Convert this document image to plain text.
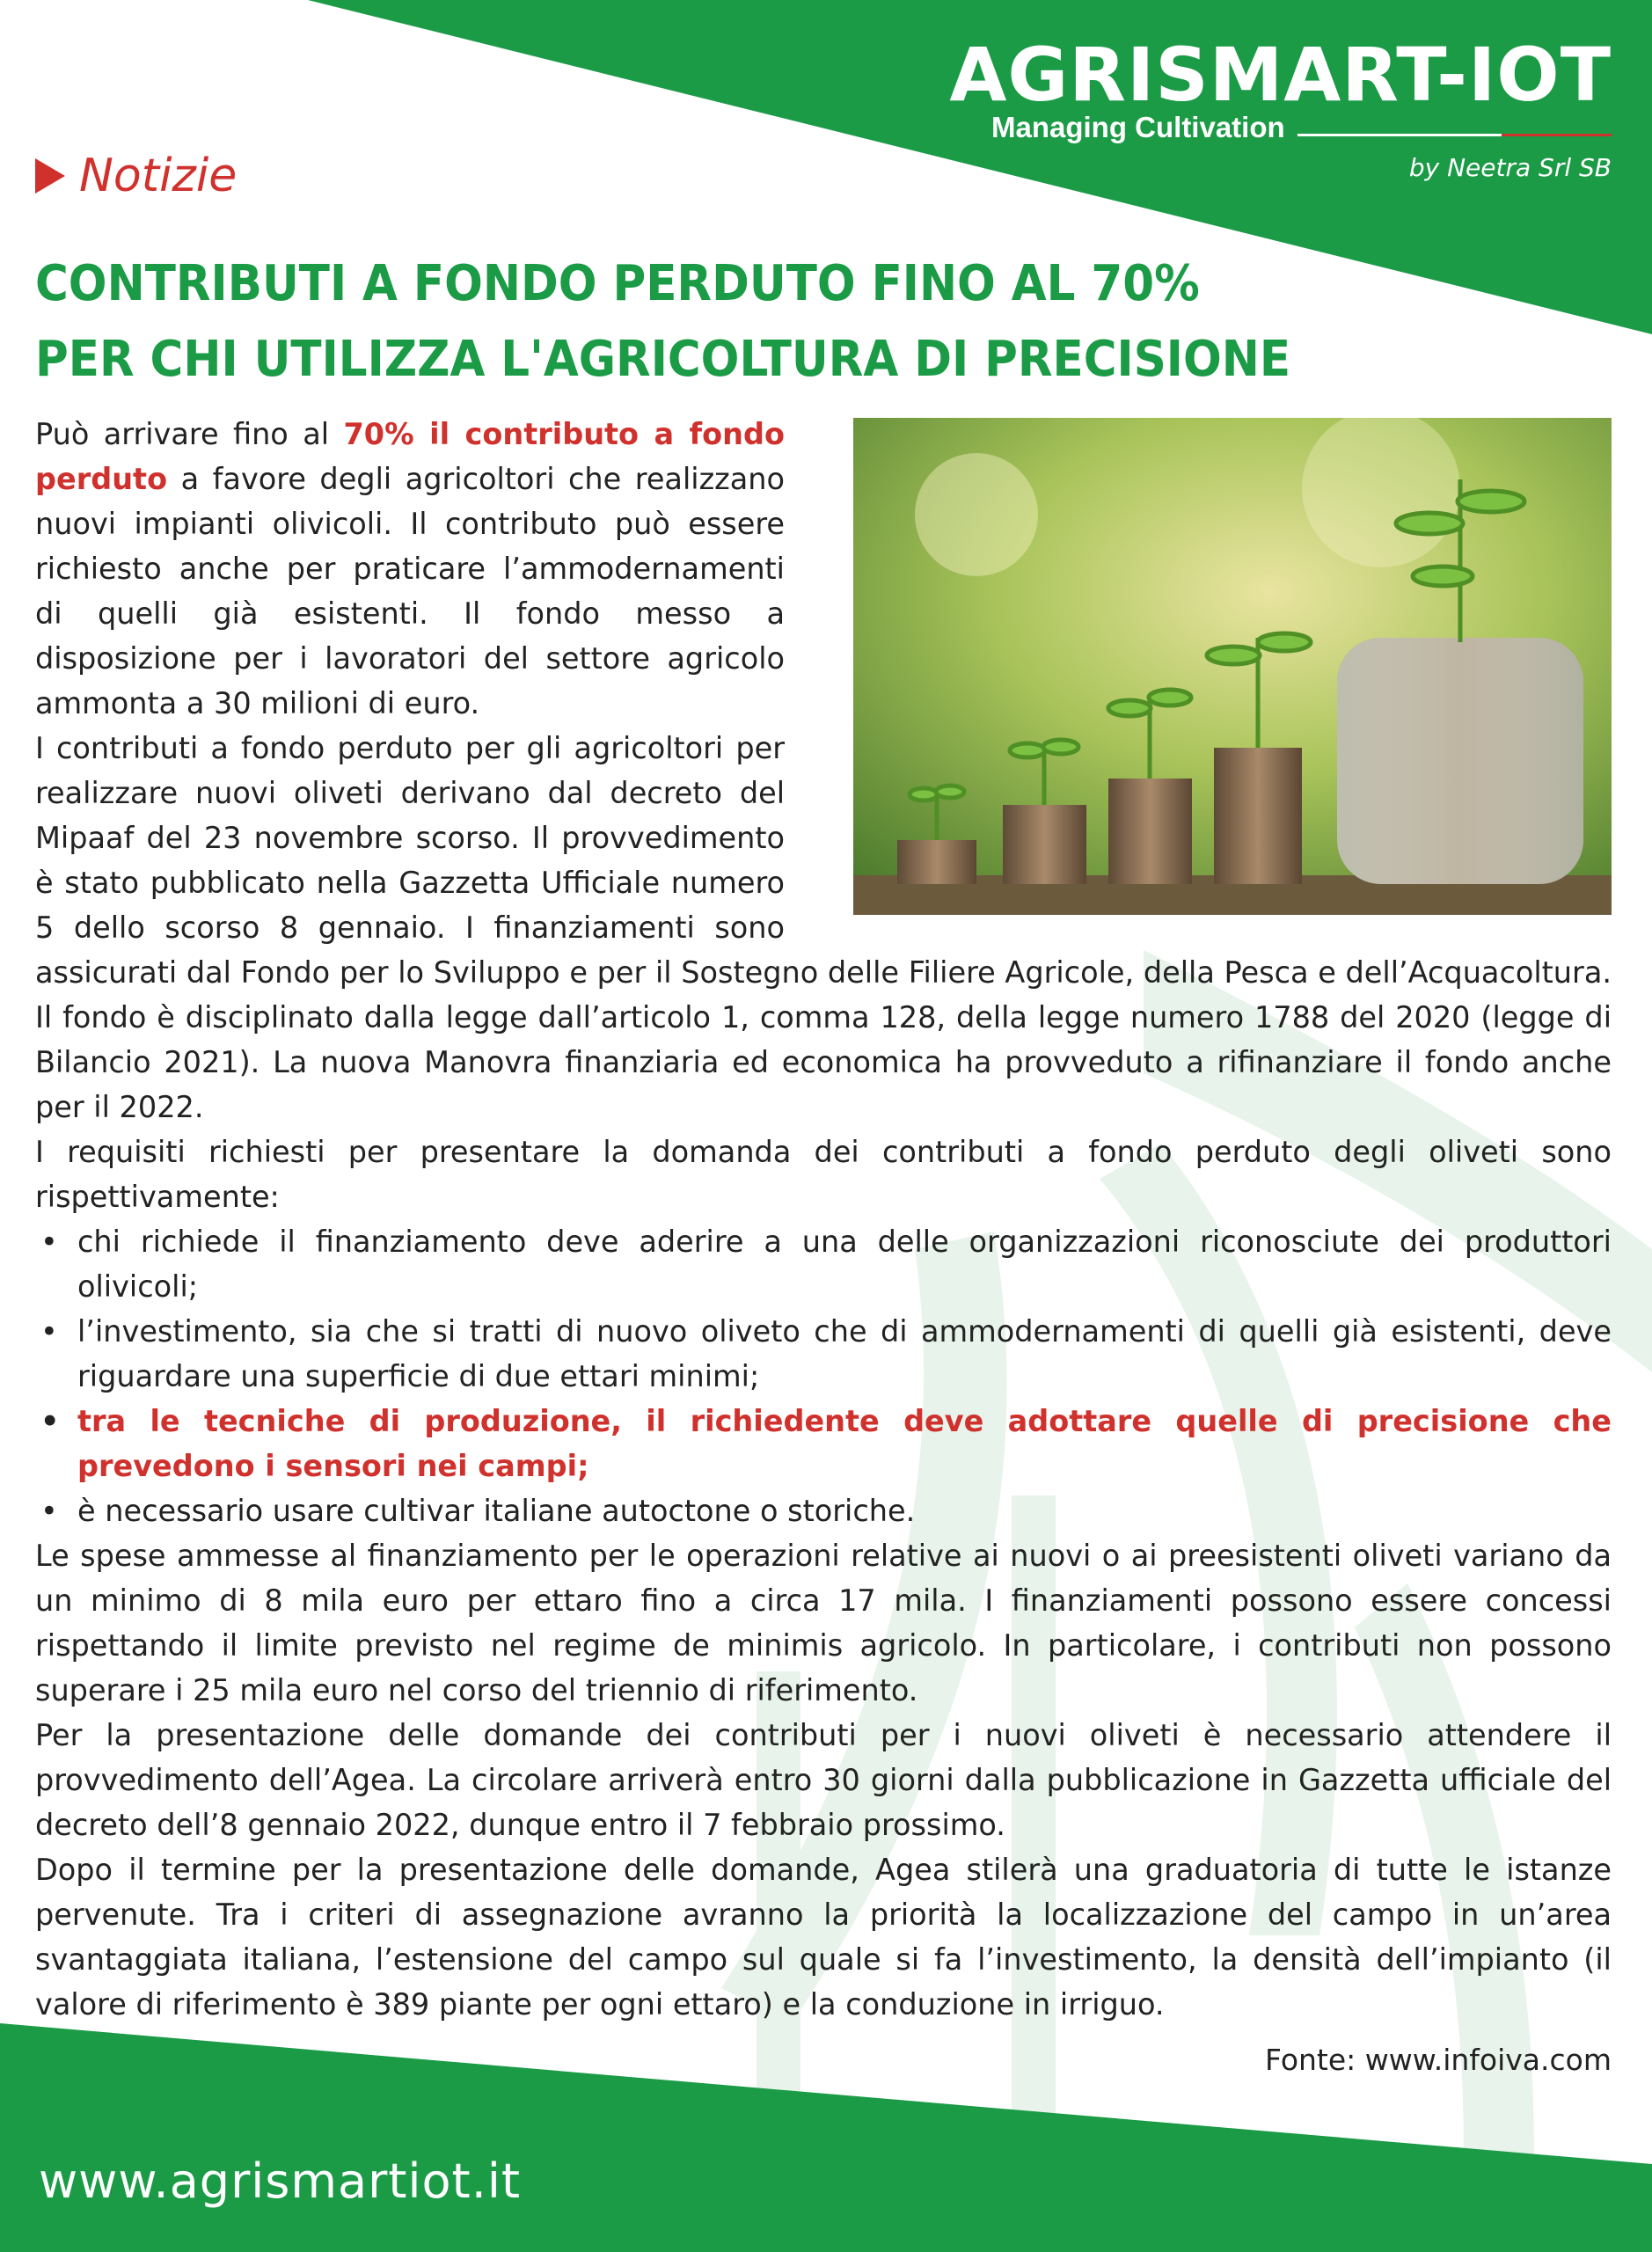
AGRISMART-IOT
Managing Cultivation
by Neetra Srl SB
Notizie
CONTRIBUTI A FONDO PERDUTO FINO AL 70%
PER CHI UTILIZZA L'AGRICOLTURA DI PRECISIONE

Può arrivare fino al 70% il contributo a fondo perduto a favore degli agricoltori che realizzano nuovi impianti olivicoli. Il contributo può essere richiesto anche per praticare l’ammodernamenti di quelli già esistenti. Il fondo messo a disposizione per i lavoratori del settore agricolo ammonta a 30 milioni di euro.

I contributi a fondo perduto per gli agricoltori per realizzare nuovi oliveti derivano dal decreto del Mipaaf del 23 novembre scorso. Il provvedimento è stato pubblicato nella Gazzetta Ufficiale numero 5 dello scorso 8 gennaio. I finanziamenti sono assicurati dal Fondo per lo Sviluppo e per il Sostegno delle Filiere Agricole, della Pesca e dell’Acquacoltura. Il fondo è disciplinato dalla legge dall’articolo 1, comma 128, della legge numero 1788 del 2020 (legge di Bilancio 2021). La nuova Manovra finanziaria ed economica ha provveduto a rifinanziare il fondo anche per il 2022.

I requisiti richiesti per presentare la domanda dei contributi a fondo perduto degli oliveti sono rispettivamente:

• chi richiede il finanziamento deve aderire a una delle organizzazioni riconosciute dei produttori olivicoli;
• l’investimento, sia che si tratti di nuovo oliveto che di ammodernamenti di quelli già esistenti, deve riguardare una superficie di due ettari minimi;
• tra le tecniche di produzione, il richiedente deve adottare quelle di precisione che prevedono i sensori nei campi;
• è necessario usare cultivar italiane autoctone o storiche.

Le spese ammesse al finanziamento per le operazioni relative ai nuovi o ai preesistenti oliveti variano da un minimo di 8 mila euro per ettaro fino a circa 17 mila. I finanziamenti possono essere concessi rispettando il limite previsto nel regime de minimis agricolo. In particolare, i contributi non possono superare i 25 mila euro nel corso del triennio di riferimento.

Per la presentazione delle domande dei contributi per i nuovi oliveti è necessario attendere il provvedimento dell’Agea. La circolare arriverà entro 30 giorni dalla pubblicazione in Gazzetta ufficiale del decreto dell’8 gennaio 2022, dunque entro il 7 febbraio prossimo.

Dopo il termine per la presentazione delle domande, Agea stilerà una graduatoria di tutte le istanze pervenute. Tra i criteri di assegnazione avranno la priorità la localizzazione del campo in un’area svantaggiata italiana, l’estensione del campo sul quale si fa l’investimento, la densità dell’impianto (il valore di riferimento è 389 piante per ogni ettaro) e la conduzione in irriguo.

Fonte: www.infoiva.com
www.agrismartiot.it
